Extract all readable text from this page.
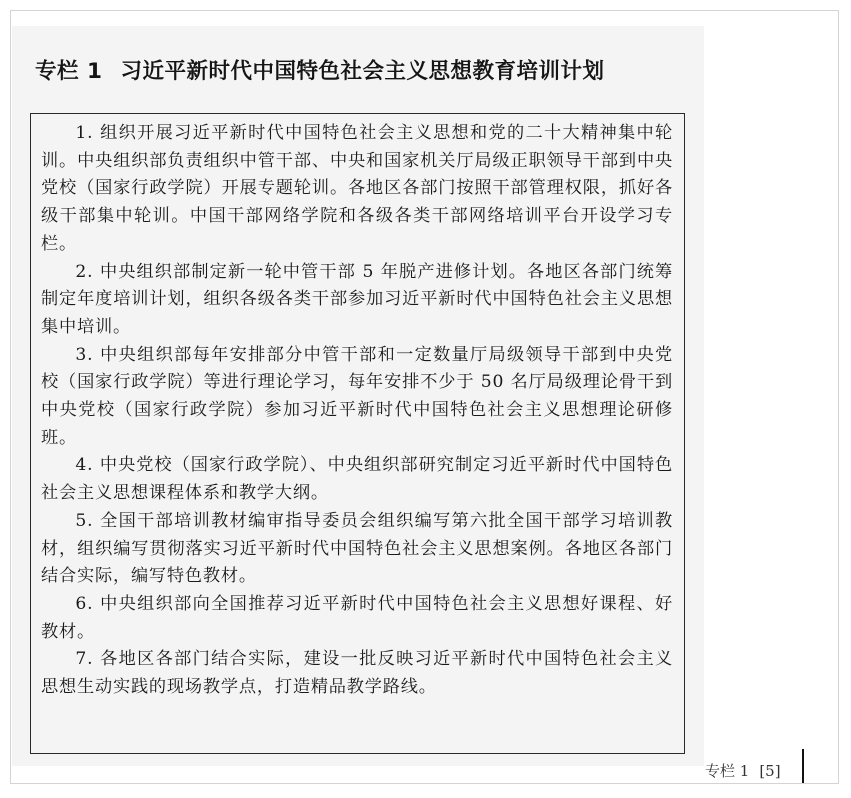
专栏 1 习近平新时代中国特色社会主义思想教育培训计划

1. 组织开展习近平新时代中国特色社会主义思想和党的二十大精神集中轮训。中央组织部负责组织中管干部、中央和国家机关厅局级正职领导干部到中央党校（国家行政学院）开展专题轮训。各地区各部门按照干部管理权限，抓好各级干部集中轮训。中国干部网络学院和各级各类干部网络培训平台开设学习专栏。

2. 中央组织部制定新一轮中管干部 5 年脱产进修计划。各地区各部门统筹制定年度培训计划，组织各级各类干部参加习近平新时代中国特色社会主义思想集中培训。

3. 中央组织部每年安排部分中管干部和一定数量厅局级领导干部到中央党校（国家行政学院）等进行理论学习，每年安排不少于 50 名厅局级理论骨干到中央党校（国家行政学院）参加习近平新时代中国特色社会主义思想理论研修班。

4. 中央党校（国家行政学院）、中央组织部研究制定习近平新时代中国特色社会主义思想课程体系和教学大纲。

5. 全国干部培训教材编审指导委员会组织编写第六批全国干部学习培训教材，组织编写贯彻落实习近平新时代中国特色社会主义思想案例。各地区各部门结合实际，编写特色教材。

6. 中央组织部向全国推荐习近平新时代中国特色社会主义思想好课程、好教材。

7. 各地区各部门结合实际，建设一批反映习近平新时代中国特色社会主义思想生动实践的现场教学点，打造精品教学路线。

专栏 1 [5]
